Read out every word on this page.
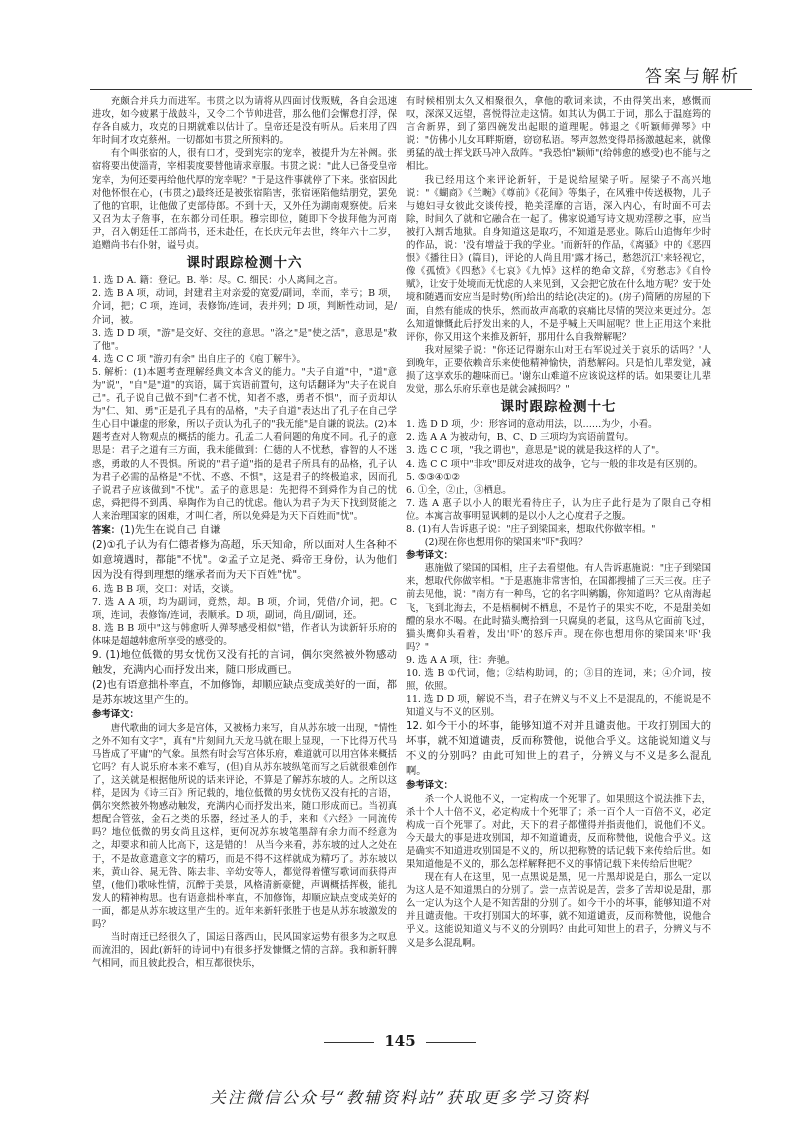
答案与解析

充颇合并兵力而进军。韦贯之以为请将从四面讨伐叛贼，各自会迅速进攻，如今疲累于战鼓斗，又令二个节帅进营，那么他们会懈怠打浮，保存各自威力，攻克的日期就难以估计了。皇帝还是没有听从。后来用了四年时间才攻克蔡州。一切都如韦贯之所预料的。

有个叫张宿的人，很有口才，受到宪宗的宠幸，被提升为左补阙。张宿将要出使淄青，宰相裴度要替他请求章服。韦贯之说："此人已备受皇帝宠幸，为何还要再给他代厚的宠幸呢？"于是这件事就停了下来。张宿因此对他怀恨在心，(韦贯之)最终还是被张宿陷害，张宿诬陷他结朋党，罢免了他的官职，让他做了吏部侍郎。不到十天，又外任为湖南观察使。后来又召为太子詹事，在东都分司任职。穆宗即位，随即下令拔拜他为河南尹，召入朝廷任工部尚书，还未赴任，在长庆元年去世，终年六十二岁，追赠尚书右仆射，谥号贞。

课时跟踪检测十六

1. 选 D A. 籍：登记。B. 举：尽。C. 细民：小人离间之言。

2. 选 B A 项，动词，封建君主对亲爱的宽爱/副词，幸而，幸亏；B 项，介词，把；C 项，连词，表修饰/连词，表并列；D 项，判断性动词，是/介词，被。

3. 选 D D 项，"游"是交好、交往的意思。"洛之"是"使之活"，意思是"救了他"。

4. 选 C C 项 "游刃有余" 出自庄子的《庖丁解牛》。

5. 解析：(1)本题考查理解经典文本含义的能力。"夫子自道"中，"道"意为"说"，"自"是"道"的宾语，属于宾语前置句，这句话翻译为"夫子在说自己"。孔子说自己做不到"仁者不忧，知者不惑，勇者不惧"，而子贡却认为"仁、知、勇"正是孔子具有的品格，"夫子自道"表达出了孔子在自己学生心目中谦虚的形象，所以子贡认为孔子的"我无能"是自谦的说法。(2)本题考查对人物观点的概括的能力。孔孟二人看问题的角度不同。孔子的意思是：君子之道有三方面，我未能做到：仁德的人不忧愁，睿智的人不迷惑，勇敢的人不畏惧。所说的"君子道"指的是君子所具有的品格，孔子认为君子必需的品格是"不忧、不惑、不惧"，这是君子的终极追求，因而孔子说君子应该做到"不忧"。孟子的意思是：先把得不到舜作为自己的忧虑，舜把得不到禹、皋陶作为自己的忧虑。他认为君子为天下找到贤能之人来治理国家的困难，才叫仁者，所以免舜是为天下百姓而"忧"。

答案：(1)先生在说自己 自谦

(2)①孔子认为有仁德者修为高超，乐天知命，所以面对人生各种不如意境遇时，都能"不忧"。②孟子立足尧、舜帝王身份，认为他们因为没有得到理想的继承者而为天下百姓"忧"。

6. 选 B B 项，交口：对话，交谈。

7. 选 A A 项，均为副词，竟然，却。B 项，介词，凭借/介词，把。C 项，连词，表修饰/连词，表顺承。D 项，副词，尚且/副词，还。

8. 选 B B 项中"这与韩愈听人弹琴感受相似"错，作者认为读新轩乐府的体味是超越韩愈所享受的感受的。

9. (1)地位低微的男女忧伤又没有托的言词，偶尔突然被外物感动触发，充满内心而抒发出来，随口形成画已。

(2)也有语意拙朴率直，不加修饰，却顺应缺点变成美好的一面，都是苏东坡这里产生的。

参考译文：

唐代歌曲的词大多是宫体，又被杨力来写，自从苏东坡一出现，"情性之外不知有文字"，真有"片刻间九天龙马就在眼上显现，一下比得万代马马皆成了平庸"的气象。虽然有时会写宫体乐府，难道就可以用宫体来概括它吗？有人说乐府本来不难写，(但)自从苏东坡纵笔而写之后就很难创作了，这关就是根据他所说的话来评论，不算是了解苏东坡的人。之所以这样，是因为《诗三百》所记载的，地位低微的男女忧伤又没有托的言语，偶尔突然被外物感动触发，充满内心而抒发出来，随口形成而已。当初真想配合管弦，金石之类的乐器，经过圣人的手，来和《六经》一同流传吗？地位低微的男女尚且这样，更何况苏东坡笔墨辞有余力而不经意为之，却要求和前人比高下，这是错的！ 从当今来看，苏东坡的过人之处在于，不是故意遣意文字的精巧，而是不得不这样就成为精巧了。苏东坡以来，黄山谷、晁无咎、陈去非、辛幼安等人，都觉得着懂写歌词而获得声望，(他们)歌咏性情，沉醉于美景，风格清新豪健，声调概括挥极，能扎发人的精神构思。也有语意拙朴率直，不加修饰，却顺应缺点变成美好的一面，都是从苏东坡这里产生的。近年来新轩张胜于也是从苏东坡激发的吗？

当时南迁已经很久了，国运日落西山，民风国家运势有很多为之叹息而流泪的，因此(新轩的诗词中)有很多抒发慷慨之情的言辞。我和新轩脾气相同，而且彼此投合，相互都很快乐，

有时候相别太久又相聚很久，拿他的歌词来读，不由得笑出来，感慨而叹，深深又远望，喜悦得泣走这情。如其认为偶工于词，那么于温庭筠的言舍新界，到了第四碗发出起眼的道理呢。韩退之《听颖师弹琴》中说："仿佛小儿女耳畔斯磨，窃窃私语。琴声忽然变得昂扬激越起来，就像勇猛的战士挥戈跃马冲入敌阵。"我恐怕"颖师"(给韩愈的感受)也不能与之相比。

我已经用这个来评论新轩，于是说给屋梁子听。屋梁子不高兴地说："《蝴商》《兰畹》《尊前》《花间》等集子，在风雅中传送极物，儿子与媳妇寻女彼此交谈传授，艳美淫靡的言语，深入内心，有时面不可去除，时间久了就和它融合在一起了。佛家说通写诗文规劝淫秽之事，应当被打入割舌地狱。自身知道这是取巧，不知道是恶业。陈后山追悔年少时的作品，说：'没有增益于我的学业。'而新轩的作品，《离骚》中的《恶四恨》《播往日》(篇目)，评论的人尚且用'露才扬己，愁怨沉江'来轻视它，像《孤愤》《四愁》《七哀》《九悼》这样的绝命文辞，《穷愁志》《自怜赋》，让安于处境而无忧虑的人来见到，又会把它放在什么地方呢？安于处境和随遇而安应当是时势(所)给出的结论(决定的)。(房子)简陋的房屋的下面，自然有能成的快乐，然而故声高歌的哀痛比尽情的哭泣来更过分。怎么知道慷慨此后抒发出来的人，不是乎喊上天叫屈呢？世上正用这个来批评你，你又用这个来推及新轩，那用什么自我辩解呢？

我对屋梁子说："你还记得谢东山对王右军说过关于哀乐的话吗？'人到晚年，正要依赖音乐来使他精神愉快，消愁解闷。只是怕儿辈发觉，减损了这享欢乐的趣味而已。'谢东山难道不应该说这样的话。如果要让儿辈发觉，那么乐府乐章也是就会减损吗？"

课时跟踪检测十七

1. 选 D D 项，少：形容词的意动用法，以……为少，小看。

2. 选 A A 为被动句，B、C、D 三项均为宾语前置句。

3. 选 C C 项，"我之谓也"，意思是"说的就是我这样的人了"。

4. 选 C C 项中"非攻"即反对进攻的战争，它与一般的非攻是有区别的。

5. ⑤③④①②

6. ①全，②止，③栖息。

7. 选 A 惠子以小人的眼光看待庄子，认为庄子此行是为了限自己夺相位。本寓言故事明显讽刺的是以小人之心度君子之腹。

8. (1)有人告诉惠子说："庄子到梁国来，想取代你做宰相。"

(2)现在你也想用你的梁国来"吓"我吗？

参考译文：

惠施做了梁国的国相，庄子去看望他。有人告诉惠施说："庄子到梁国来，想取代你做宰相。"于是惠施非常害怕，在国都搜捕了三天三夜。庄子前去见他，说："南方有一种鸟，它的名字叫鹓鶵，你知道吗？它从南海起飞，飞到北海去，不是梧桐树不栖息，不是竹子的果实不吃，不是甜美如醴的泉水不喝。在此时猫头鹰拾到一只腐臭的老鼠，这鸟从它面前飞过，猫头鹰仰头看着，发出'吓'的怒斥声。现在你也想用你的梁国来'吓'我吗？"

9. 选 A A 项，往：奔驰。

10. 选 B ①代词，他；②结构助词，的；③目的连词，来；④介词，按照，依照。

11. 选 D D 项，解说不当，君子在辨义与不义上不是混乱的，不能说是不知道义与不义的区别。

12. 如今干小的坏事，能够知道不对并且谴责他。干攻打别国大的坏事，就不知道谴责，反而称赞他，说他合乎义。这能说知道义与不义的分别吗？由此可知世上的君子，分辨义与不义是多么混乱啊。

参考译文：

杀一个人说他不义，一定构成一个死罪了。如果照这个说法推下去，杀十个人十倍不义，必定构成十个死罪了；杀一百个人一百倍不义，必定构成一百个死罪了。对此，天下的君子都懂得并指责他们，说他们不义。今天最大的事是进攻别国，却不知道谴责，反而称赞他，说他合乎义。这是确实不知道进攻别国是不义的，所以把称赞的话记载下来传给后世。如果知道他是不义的，那么怎样解释把不义的事情记载下来传给后世呢？

现在有人在这里，见一点黑说是黑，见一片黑却说是白，那么一定以为这人是不知道黑白的分别了。尝一点苦说是苦，尝多了苦却说是甜，那么一定认为这个人是不知苦甜的分别了。如今干小的坏事，能够知道不对并且谴责他。干攻打别国大的坏事，就不知道谴责，反而称赞他，说他合乎义。这能说知道义与不义的分别吗？由此可知世上的君子，分辨义与不义是多么混乱啊。

145
关注微信公众号“教辅资料站”获取更多学习资料
